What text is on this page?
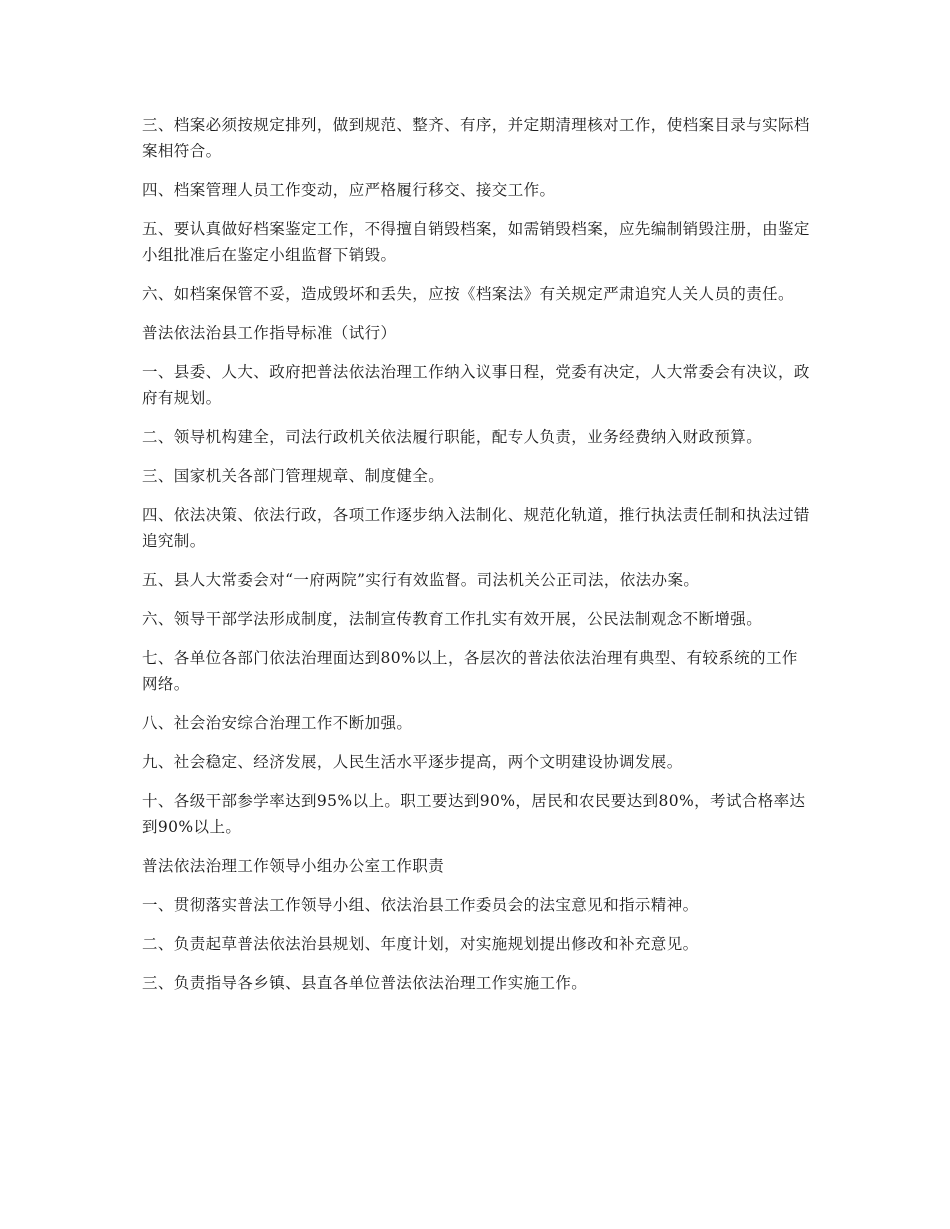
三、档案必须按规定排列，做到规范、整齐、有序，并定期清理核对工作，使档案目录与实际档案相符合。

四、档案管理人员工作变动，应严格履行移交、接交工作。

五、要认真做好档案鉴定工作，不得擅自销毁档案，如需销毁档案，应先编制销毁注册，由鉴定小组批准后在鉴定小组监督下销毁。

六、如档案保管不妥，造成毁坏和丢失，应按《档案法》有关规定严肃追究人关人员的责任。

普法依法治县工作指导标准（试行）

一、县委、人大、政府把普法依法治理工作纳入议事日程，党委有决定，人大常委会有决议，政府有规划。

二、领导机构建全，司法行政机关依法履行职能，配专人负责，业务经费纳入财政预算。

三、国家机关各部门管理规章、制度健全。

四、依法决策、依法行政，各项工作逐步纳入法制化、规范化轨道，推行执法责任制和执法过错追究制。

五、县人大常委会对“一府两院”实行有效监督。司法机关公正司法，依法办案。

六、领导干部学法形成制度，法制宣传教育工作扎实有效开展，公民法制观念不断增强。

七、各单位各部门依法治理面达到80%以上，各层次的普法依法治理有典型、有较系统的工作网络。

八、社会治安综合治理工作不断加强。

九、社会稳定、经济发展，人民生活水平逐步提高，两个文明建设协调发展。

十、各级干部参学率达到95%以上。职工要达到90%，居民和农民要达到80%，考试合格率达到90%以上。

普法依法治理工作领导小组办公室工作职责

一、贯彻落实普法工作领导小组、依法治县工作委员会的法宝意见和指示精神。

二、负责起草普法依法治县规划、年度计划，对实施规划提出修改和补充意见。

三、负责指导各乡镇、县直各单位普法依法治理工作实施工作。
